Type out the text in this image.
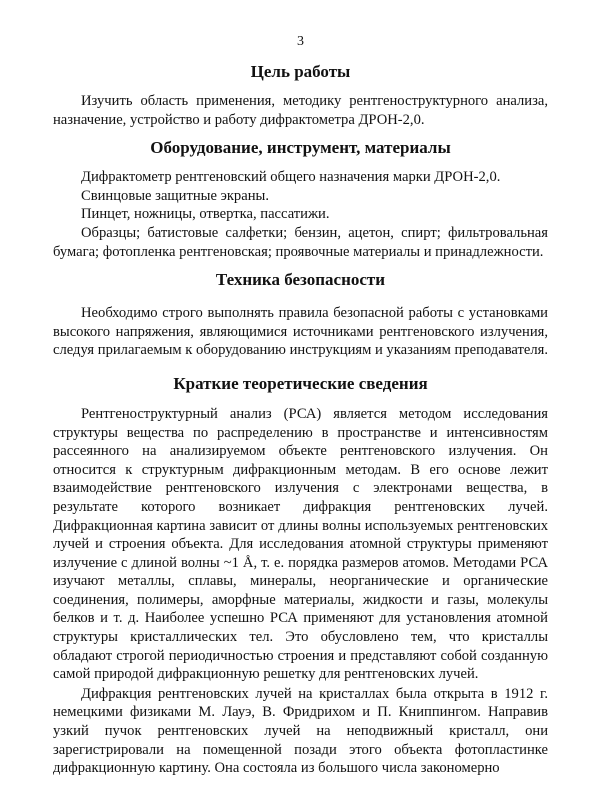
3
Цель работы

Изучить область применения, методику рентгеноструктурного анализа, назначение, устройство и работу дифрактометра ДРОН-2,0.

Оборудование, инструмент, материалы

Дифрактометр рентгеновский общего назначения марки ДРОН-2,0.

Свинцовые защитные экраны.

Пинцет, ножницы, отвертка, пассатижи.

Образцы; батистовые салфетки; бензин, ацетон, спирт; фильтровальная бумага; фотопленка рентгеновская; проявочные материалы и принадлежности.

Техника безопасности

Необходимо строго выполнять правила безопасной работы с установками высокого напряжения, являющимися источниками рентгеновского излучения, следуя прилагаемым к оборудованию инструкциям и указаниям преподавателя.

Краткие теоретические сведения

Рентгеноструктурный анализ (РСА) является методом исследования структуры вещества по распределению в пространстве и интенсивностям рассеянного на анализируемом объекте рентгеновского излучения. Он относится к структурным дифракционным методам. В его основе лежит взаимодействие рентгеновского излучения с электронами вещества, в результате которого возникает дифракция рентгеновских лучей. Дифракционная картина зависит от длины волны используемых рентгеновских лучей и строения объекта. Для исследования атомной структуры применяют излучение с длиной волны ~1 Å, т. е. порядка размеров атомов. Методами РСА изучают металлы, сплавы, минералы, неорганические и органические соединения, полимеры, аморфные материалы, жидкости и газы, молекулы белков и т. д. Наиболее успешно РСА применяют для установления атомной структуры кристаллических тел. Это обусловлено тем, что кристаллы обладают строгой периодичностью строения и представляют собой созданную самой природой дифракционную решетку для рентгеновских лучей.

Дифракция рентгеновских лучей на кристаллах была открыта в 1912 г. немецкими физиками М. Лауэ, В. Фридрихом и П. Книппингом. Направив узкий пучок рентгеновских лучей на неподвижный кристалл, они зарегистрировали на помещенной позади этого объекта фотопластинке дифракционную картину. Она состояла из большого числа закономерно
